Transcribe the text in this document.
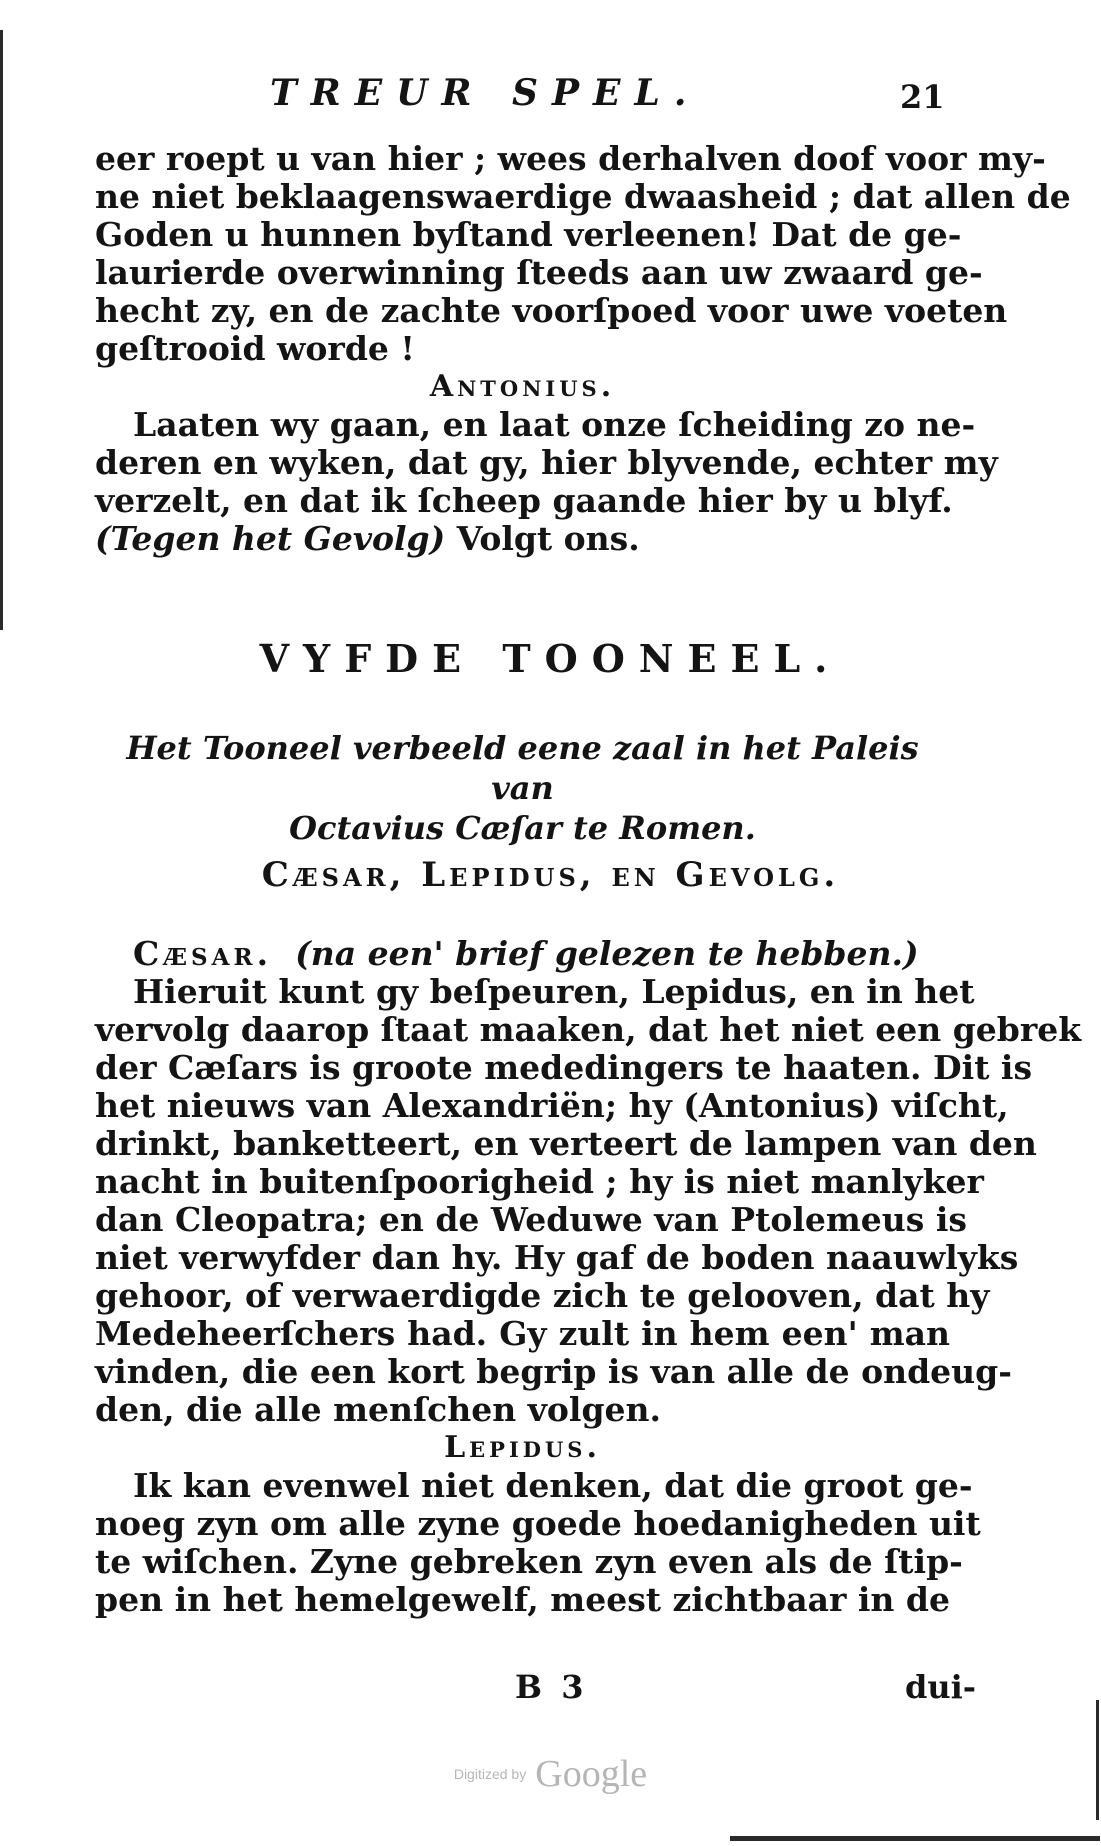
TREUR SPEL.	21
eer roept u van hier ; wees derhalven doof voor my-
ne niet beklaagenswaerdige dwaasheid ; dat allen de
Goden u hunnen byſtand verleenen! Dat de ge-
laurierde overwinning ſteeds aan uw zwaard ge-
hecht zy, en de zachte voorſpoed voor uwe voeten
geſtrooid worde !
Antonius.
Laaten wy gaan, en laat onze ſcheiding zo ne-
deren en wyken, dat gy, hier blyvende, echter my
verzelt, en dat ik ſcheep gaande hier by u blyf.
(Tegen het Gevolg) Volgt ons.
VYFDE TOONEEL.
Het Tooneel verbeeld eene zaal in het Paleis van
Octavius Cæſar te Romen.
Cæsar, Lepidus, en Gevolg.
Cæsar. (na een' brief gelezen te hebben.)
Hieruit kunt gy beſpeuren, Lepidus, en in het
vervolg daarop ſtaat maaken, dat het niet een gebrek
der Cæſars is groote mededingers te haaten. Dit is
het nieuws van Alexandriën; hy (Antonius) viſcht,
drinkt, banketteert, en verteert de lampen van den
nacht in buitenſpoorigheid ; hy is niet manlyker
dan Cleopatra; en de Weduwe van Ptolemeus is
niet verwyfder dan hy. Hy gaf de boden naauwlyks
gehoor, of verwaerdigde zich te gelooven, dat hy
Medeheerſchers had. Gy zult in hem een' man
vinden, die een kort begrip is van alle de ondeug-
den, die alle menſchen volgen.
Lepidus.
Ik kan evenwel niet denken, dat die groot ge-
noeg zyn om alle zyne goede hoedanigheden uit
te wiſchen. Zyne gebreken zyn even als de ſtip-
pen in het hemelgewelf, meest zichtbaar in de
B 3	dui-
Digitized by Google
